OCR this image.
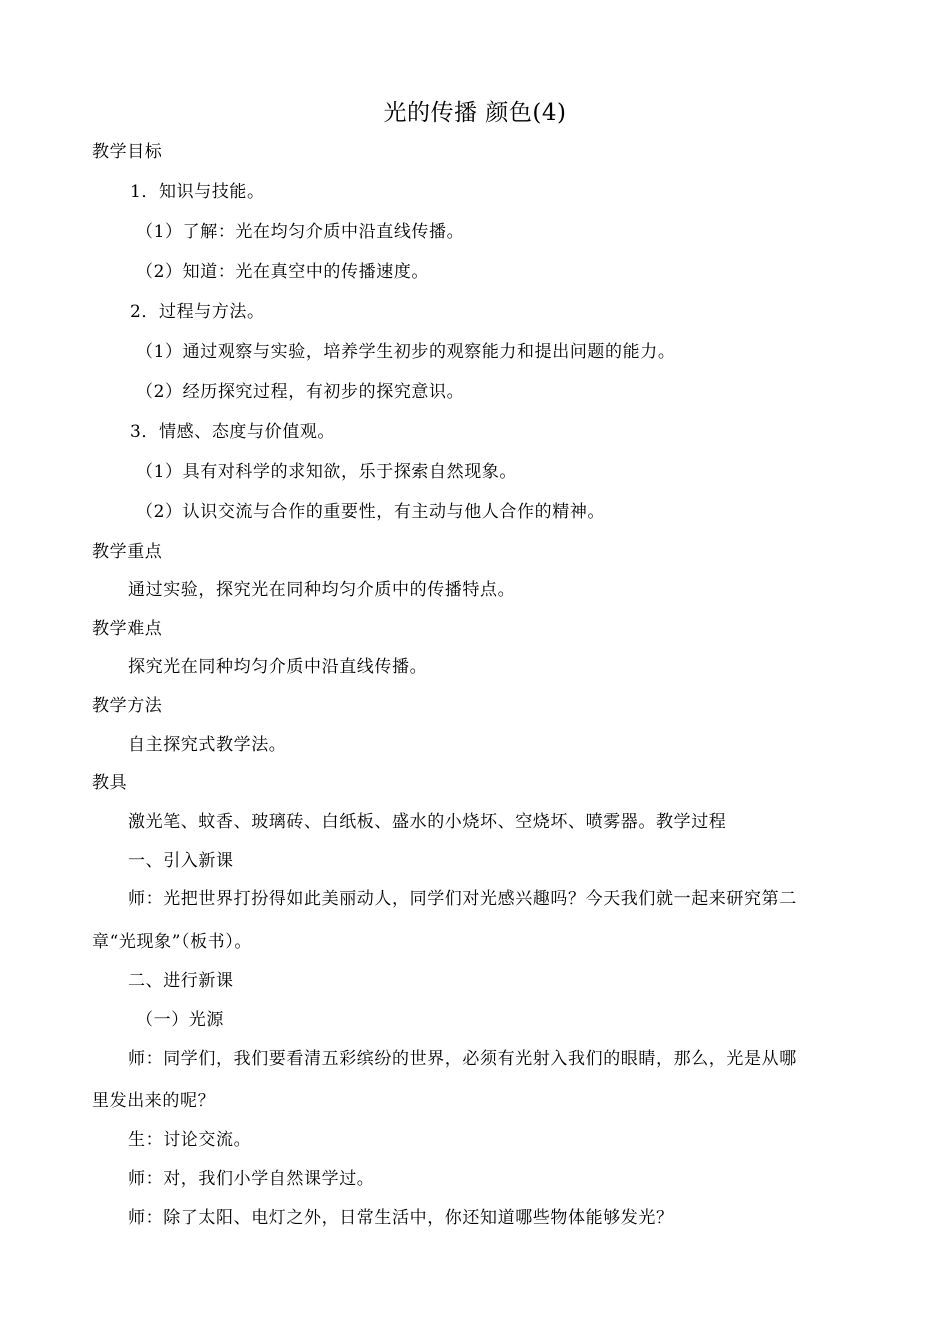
光的传播 颜色(4)
教学目标
1．知识与技能。
（1）了解：光在均匀介质中沿直线传播。
（2）知道：光在真空中的传播速度。
2．过程与方法。
（1）通过观察与实验，培养学生初步的观察能力和提出问题的能力。
（2）经历探究过程，有初步的探究意识。
3．情感、态度与价值观。
（1）具有对科学的求知欲，乐于探索自然现象。
（2）认识交流与合作的重要性，有主动与他人合作的精神。
教学重点
通过实验，探究光在同种均匀介质中的传播特点。
教学难点
探究光在同种均匀介质中沿直线传播。
教学方法
自主探究式教学法。
教具
激光笔、蚊香、玻璃砖、白纸板、盛水的小烧坏、空烧坏、喷雾器。教学过程
一、引入新课
师：光把世界打扮得如此美丽动人，同学们对光感兴趣吗？今天我们就一起来研究第二
章“光现象”（板书）。
二、进行新课
（一）光源
师：同学们，我们要看清五彩缤纷的世界，必须有光射入我们的眼睛，那么，光是从哪
里发出来的呢？
生：讨论交流。
师：对，我们小学自然课学过。
师：除了太阳、电灯之外，日常生活中，你还知道哪些物体能够发光？
